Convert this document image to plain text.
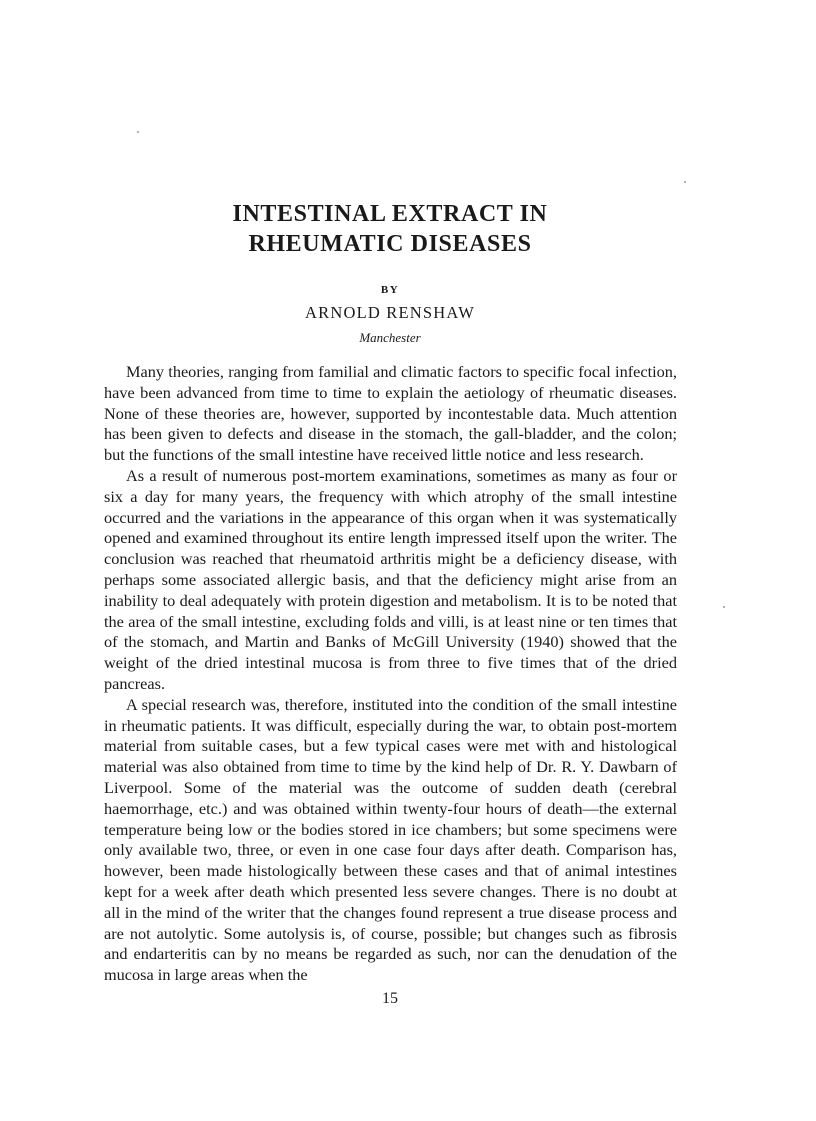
INTESTINAL EXTRACT IN
RHEUMATIC DISEASES
BY
ARNOLD RENSHAW
Manchester

Many theories, ranging from familial and climatic factors to specific focal infection, have been advanced from time to time to explain the aetiology of rheumatic diseases. None of these theories are, however, supported by incontestable data. Much attention has been given to defects and disease in the stomach, the gall-bladder, and the colon; but the functions of the small intestine have received little notice and less research.

As a result of numerous post-mortem examinations, sometimes as many as four or six a day for many years, the frequency with which atrophy of the small intestine occurred and the variations in the appearance of this organ when it was systematically opened and examined throughout its entire length impressed itself upon the writer. The conclusion was reached that rheumatoid arthritis might be a deficiency disease, with perhaps some associated allergic basis, and that the deficiency might arise from an inability to deal adequately with protein digestion and metabolism. It is to be noted that the area of the small intestine, excluding folds and villi, is at least nine or ten times that of the stomach, and Martin and Banks of McGill University (1940) showed that the weight of the dried intestinal mucosa is from three to five times that of the dried pancreas.

A special research was, therefore, instituted into the condition of the small intestine in rheumatic patients. It was difficult, especially during the war, to obtain post-mortem material from suitable cases, but a few typical cases were met with and histological material was also obtained from time to time by the kind help of Dr. R. Y. Dawbarn of Liverpool. Some of the material was the outcome of sudden death (cerebral haemorrhage, etc.) and was obtained within twenty-four hours of death—the external temperature being low or the bodies stored in ice chambers; but some specimens were only available two, three, or even in one case four days after death. Comparison has, however, been made histologically between these cases and that of animal intestines kept for a week after death which presented less severe changes. There is no doubt at all in the mind of the writer that the changes found represent a true disease process and are not autolytic. Some autolysis is, of course, possible; but changes such as fibrosis and endarteritis can by no means be regarded as such, nor can the denudation of the mucosa in large areas when the

15
